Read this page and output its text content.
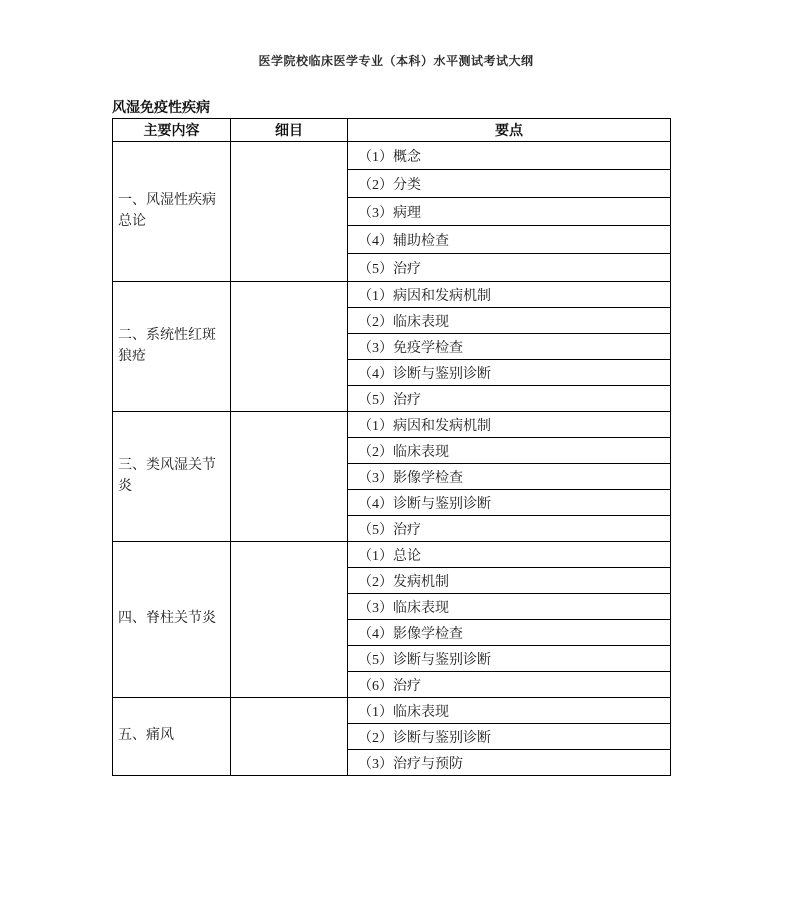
医学院校临床医学专业（本科）水平测试考试大纲
风湿免疫性疾病
主要内容	细目	要点
一、风湿性疾病总论		（1）概念
		（2）分类
		（3）病理
		（4）辅助检查
		（5）治疗
二、系统性红斑狼疮		（1）病因和发病机制
		（2）临床表现
		（3）免疫学检查
		（4）诊断与鉴别诊断
		（5）治疗
三、类风湿关节炎		（1）病因和发病机制
		（2）临床表现
		（3）影像学检查
		（4）诊断与鉴别诊断
		（5）治疗
四、脊柱关节炎		（1）总论
		（2）发病机制
		（3）临床表现
		（4）影像学检查
		（5）诊断与鉴别诊断
		（6）治疗
五、痛风		（1）临床表现
		（2）诊断与鉴别诊断
		（3）治疗与预防
